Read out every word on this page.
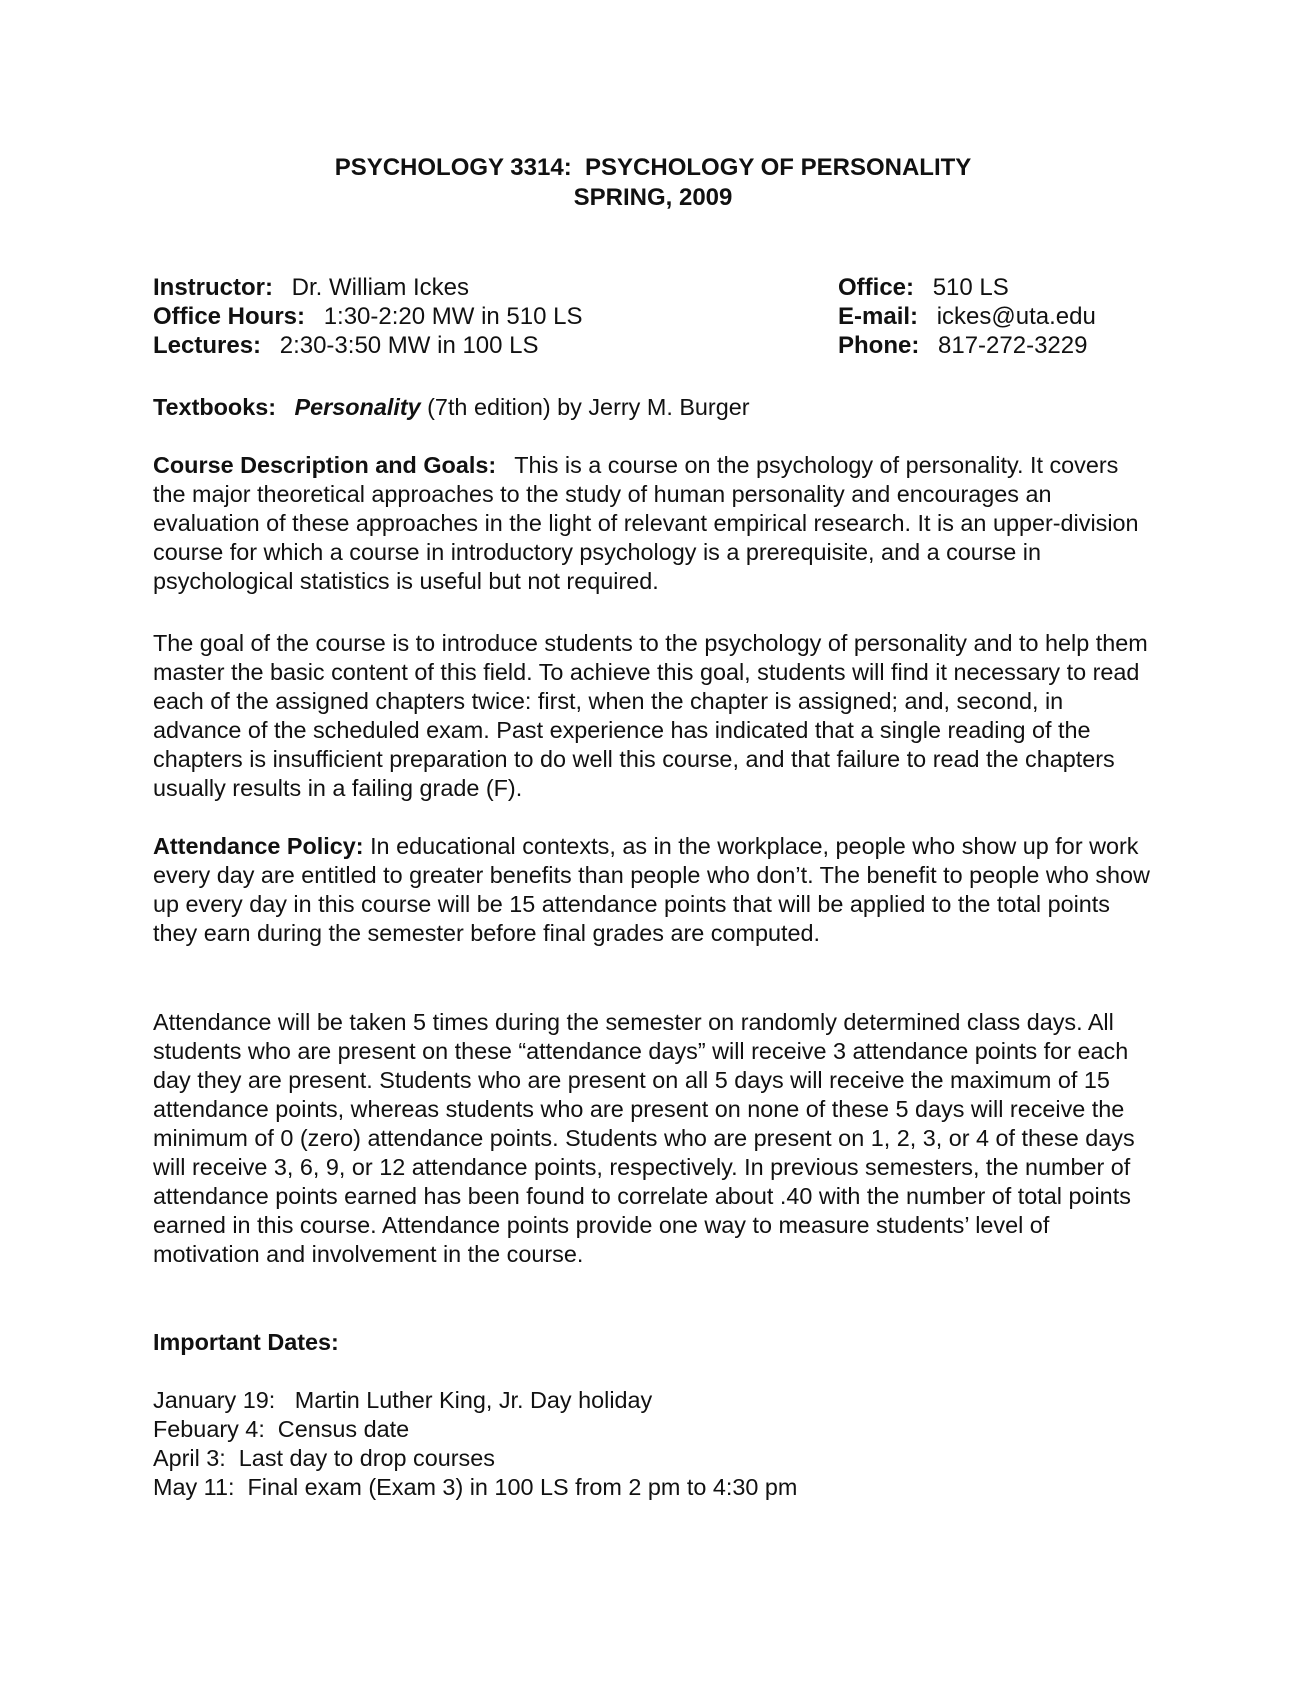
PSYCHOLOGY 3314:  PSYCHOLOGY OF PERSONALITY
SPRING, 2009
Instructor: Dr. William Ickes
Office Hours: 1:30-2:20 MW in 510 LS
Lectures: 2:30-3:50 MW in 100 LS
Office: 510 LS
E-mail: ickes@uta.edu
Phone: 817-272-3229
Textbooks: Personality (7th edition) by Jerry M. Burger

Course Description and Goals: This is a course on the psychology of personality. It covers the major theoretical approaches to the study of human personality and encourages an evaluation of these approaches in the light of relevant empirical research. It is an upper-division course for which a course in introductory psychology is a prerequisite, and a course in psychological statistics is useful but not required.

The goal of the course is to introduce students to the psychology of personality and to help them master the basic content of this field. To achieve this goal, students will find it necessary to read each of the assigned chapters twice: first, when the chapter is assigned; and, second, in advance of the scheduled exam. Past experience has indicated that a single reading of the chapters is insufficient preparation to do well this course, and that failure to read the chapters usually results in a failing grade (F).

Attendance Policy: In educational contexts, as in the workplace, people who show up for work every day are entitled to greater benefits than people who don’t. The benefit to people who show up every day in this course will be 15 attendance points that will be applied to the total points they earn during the semester before final grades are computed.

Attendance will be taken 5 times during the semester on randomly determined class days. All students who are present on these “attendance days” will receive 3 attendance points for each day they are present. Students who are present on all 5 days will receive the maximum of 15 attendance points, whereas students who are present on none of these 5 days will receive the minimum of 0 (zero) attendance points. Students who are present on 1, 2, 3, or 4 of these days will receive 3, 6, 9, or 12 attendance points, respectively. In previous semesters, the number of attendance points earned has been found to correlate about .40 with the number of total points earned in this course. Attendance points provide one way to measure students’ level of motivation and involvement in the course.

Important Dates:
January 19:   Martin Luther King, Jr. Day holiday
Febuary 4:  Census date
April 3:  Last day to drop courses
May 11:  Final exam (Exam 3) in 100 LS from 2 pm to 4:30 pm
